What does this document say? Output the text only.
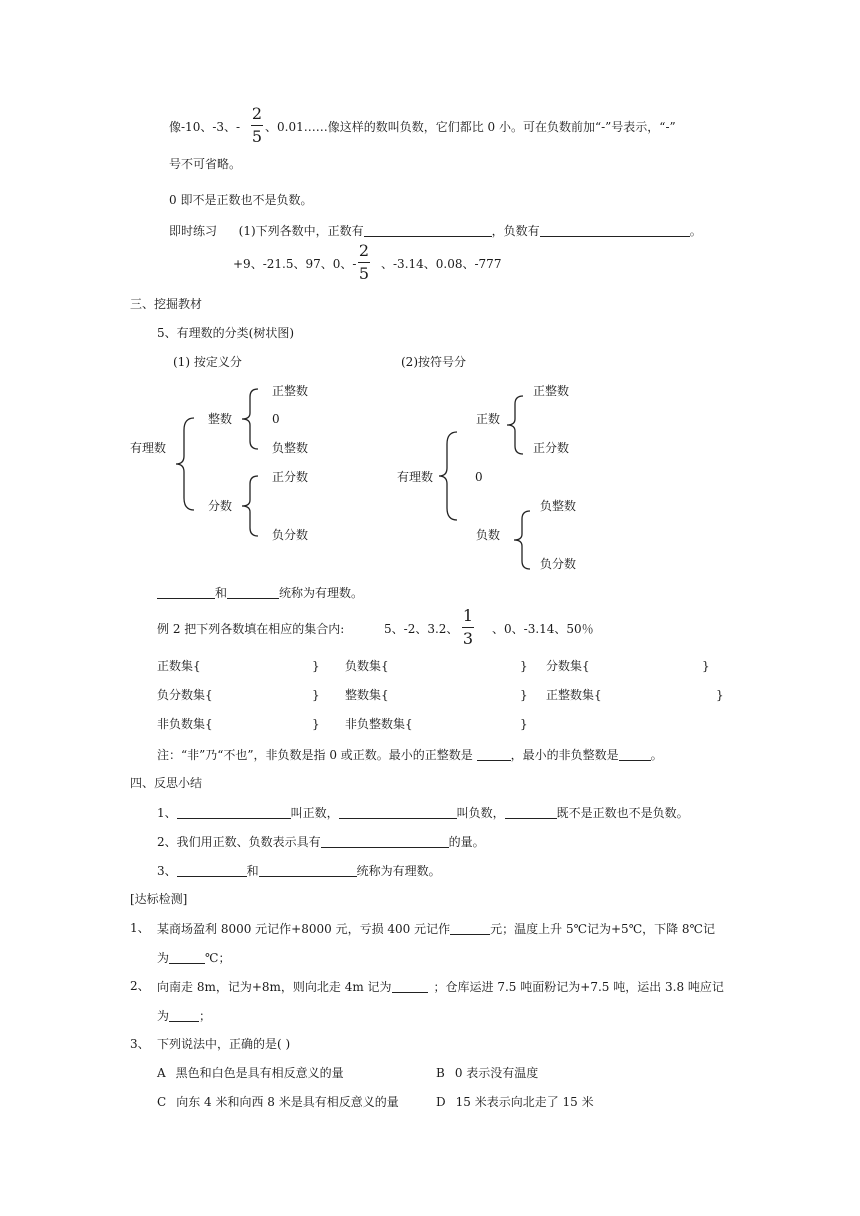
像-10、-3、-
2
5 、0.01……像这样的数叫负数，它们都比 0 小。可在负数前加“-”号表示，“-”
号不可省略。
0 即不是正数也不是负数。
即时练习 (1)下列各数中，正数有	，负数有	。
+9、-21.5、97、0、-
2
5 、-3.14、0.08、-777
三、挖掘教材
5、有理数的分类(树状图)
(1) 按定义分	(2)按符号分
有理数
整数
正整数
0
负整数
分数
正分数
负分数
有理数
正数
正整数
正分数
0
负数
负整数
负分数
和	统称为有理数。
例 2 把下列各数填在相应的集合内:	5、-2、3.2、
1
3 、0、-3.14、50％
正数集{	} 负数集{	} 分数集{	}
负分数集{	} 整数集{	} 正整数集{	}
非负数集{	} 非负整数集{	}
注：“非”乃“不也”，非负数是指 0 或正数。最小的正整数是	，最小的非负整数是	。
四、反思小结
1、	叫正数，	叫负数，	既不是正数也不是负数。
2、我们用正数、负数表示具有	的量。
3、	和	统称为有理数。
[达标检测]
1、 某商场盈利 8000 元记作+8000 元，亏损 400 元记作	元；温度上升 5℃记为+5℃，下降 8℃记
为	℃；
2、 向南走 8m，记为+8m，则向北走 4m 记为	；仓库运进 7.5 吨面粉记为+7.5 吨，运出 3.8 吨应记
为	；
3、 下列说法中，正确的是( )
A 黑色和白色是具有相反意义的量	B 0 表示没有温度
C 向东 4 米和向西 8 米是具有相反意义的量	D 15 米表示向北走了 15 米
